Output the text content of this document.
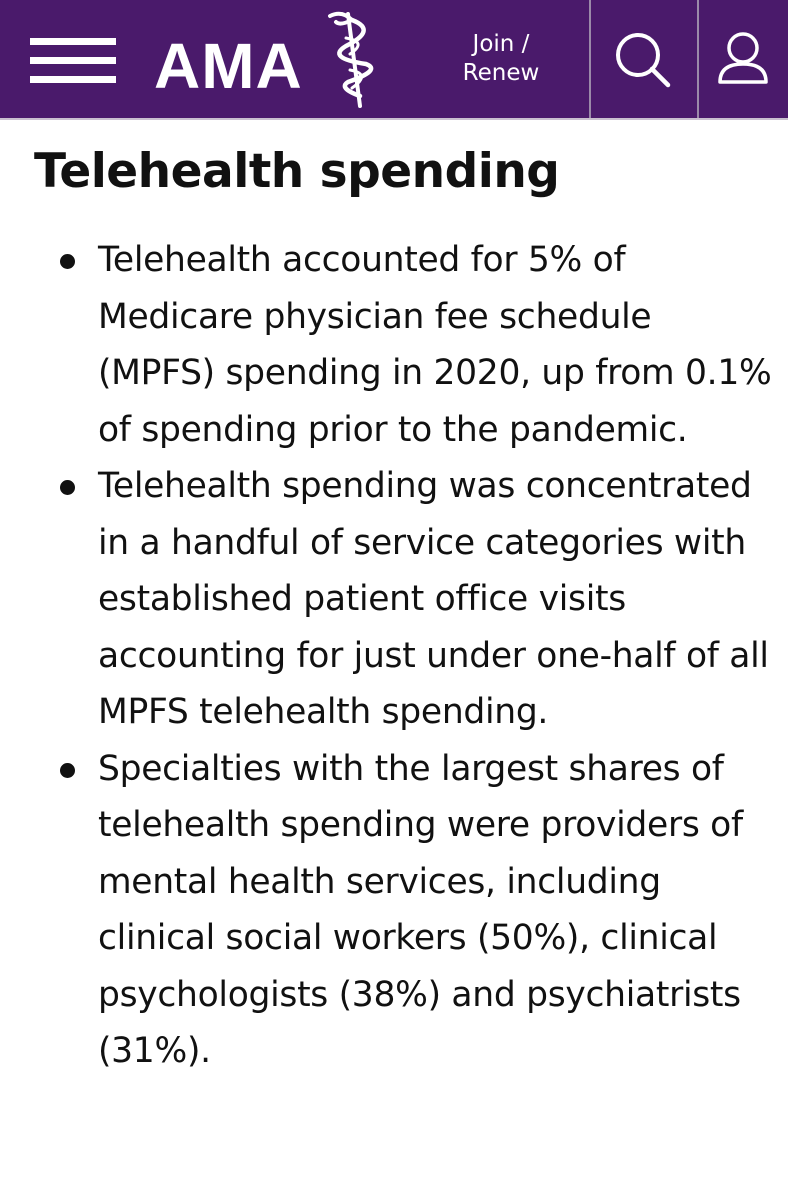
AMA	Join /
Renew
Telehealth spending
Telehealth accounted for 5% of Medicare physician fee schedule (MPFS) spending in 2020, up from 0.1% of spending prior to the pandemic.
Telehealth spending was concentrated in a handful of service categories with established patient office visits accounting for just under one-half of all MPFS telehealth spending.
Specialties with the largest shares of telehealth spending were providers of mental health services, including clinical social workers (50%), clinical psychologists (38%) and psychiatrists (31%).
